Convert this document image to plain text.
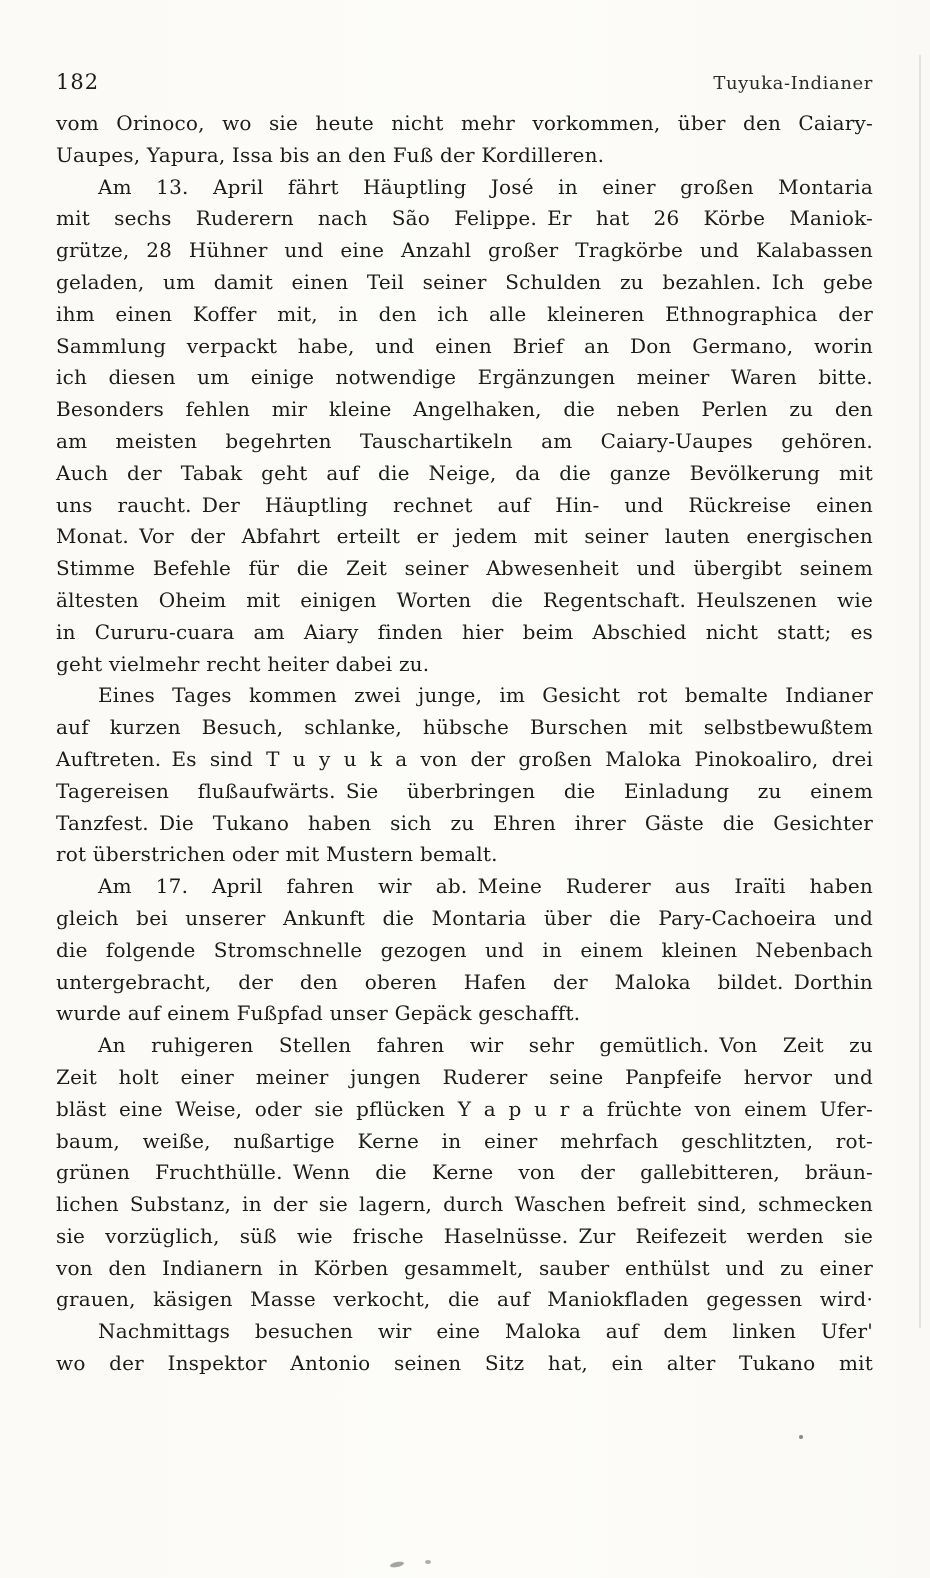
182	Tuyuka-Indianer

vom Orinoco, wo sie heute nicht mehr vorkommen, über den Caiary-
Uaupes, Yapura, Issa bis an den Fuß der Kordilleren.

Am 13. April fährt Häuptling José in einer großen Montaria
mit sechs Ruderern nach São Felippe. Er hat 26 Körbe Maniok-
grütze, 28 Hühner und eine Anzahl großer Tragkörbe und Kalabassen
geladen, um damit einen Teil seiner Schulden zu bezahlen. Ich gebe
ihm einen Koffer mit, in den ich alle kleineren Ethnographica der
Sammlung verpackt habe, und einen Brief an Don Germano, worin
ich diesen um einige notwendige Ergänzungen meiner Waren bitte.
Besonders fehlen mir kleine Angelhaken, die neben Perlen zu den
am meisten begehrten Tauschartikeln am Caiary-Uaupes gehören.
Auch der Tabak geht auf die Neige, da die ganze Bevölkerung mit
uns raucht. Der Häuptling rechnet auf Hin- und Rückreise einen
Monat. Vor der Abfahrt erteilt er jedem mit seiner lauten energischen
Stimme Befehle für die Zeit seiner Abwesenheit und übergibt seinem
ältesten Oheim mit einigen Worten die Regentschaft. Heulszenen wie
in Cururu-cuara am Aiary finden hier beim Abschied nicht statt; es
geht vielmehr recht heiter dabei zu.

Eines Tages kommen zwei junge, im Gesicht rot bemalte Indianer
auf kurzen Besuch, schlanke, hübsche Burschen mit selbstbewußtem
Auftreten. Es sind T u y u k a von der großen Maloka Pinokoaliro, drei
Tagereisen flußaufwärts. Sie überbringen die Einladung zu einem
Tanzfest. Die Tukano haben sich zu Ehren ihrer Gäste die Gesichter
rot überstrichen oder mit Mustern bemalt.

Am 17. April fahren wir ab. Meine Ruderer aus Iraïti haben
gleich bei unserer Ankunft die Montaria über die Pary-Cachoeira und
die folgende Stromschnelle gezogen und in einem kleinen Nebenbach
untergebracht, der den oberen Hafen der Maloka bildet. Dorthin
wurde auf einem Fußpfad unser Gepäck geschafft.

An ruhigeren Stellen fahren wir sehr gemütlich. Von Zeit zu
Zeit holt einer meiner jungen Ruderer seine Panpfeife hervor und
bläst eine Weise, oder sie pflücken Y a p u r a früchte von einem Ufer-
baum, weiße, nußartige Kerne in einer mehrfach geschlitzten, rot-
grünen Fruchthülle. Wenn die Kerne von der gallebitteren, bräun-
lichen Substanz, in der sie lagern, durch Waschen befreit sind, schmecken
sie vorzüglich, süß wie frische Haselnüsse. Zur Reifezeit werden sie
von den Indianern in Körben gesammelt, sauber enthülst und zu einer
grauen, käsigen Masse verkocht, die auf Maniokfladen gegessen wird·

Nachmittags besuchen wir eine Maloka auf dem linken Ufer'
wo der Inspektor Antonio seinen Sitz hat, ein alter Tukano mit
